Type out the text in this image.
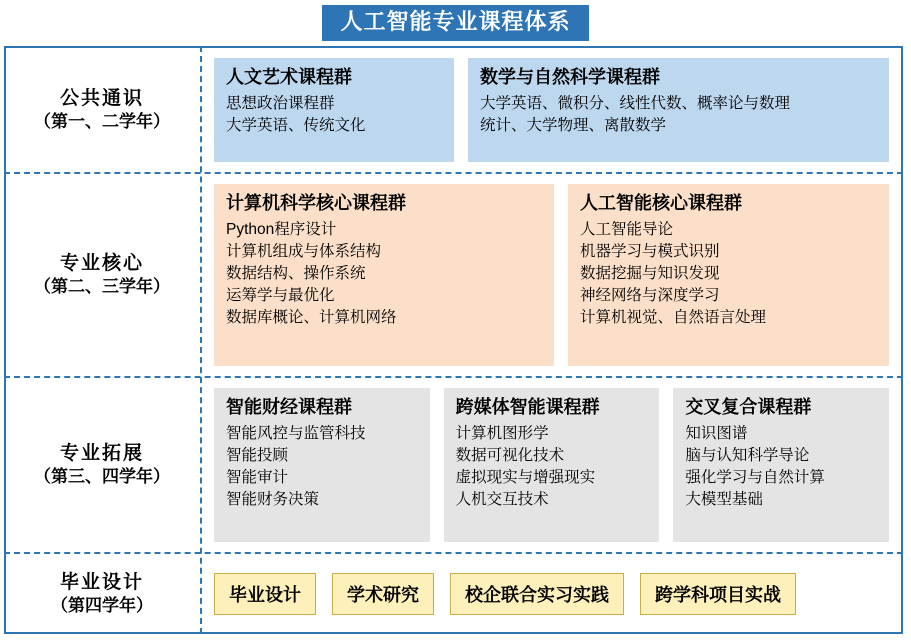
人工智能专业课程体系
公共通识
（第一、二学年）
人文艺术课程群
思想政治课程群
大学英语、传统文化
数学与自然科学课程群
大学英语、微积分、线性代数、概率论与数理
统计、大学物理、离散数学
专业核心
（第二、三学年）
计算机科学核心课程群
Python程序设计
计算机组成与体系结构
数据结构、操作系统
运筹学与最优化
数据库概论、计算机网络
人工智能核心课程群
人工智能导论
机器学习与模式识别
数据挖掘与知识发现
神经网络与深度学习
计算机视觉、自然语言处理
专业拓展
（第三、四学年）
智能财经课程群
智能风控与监管科技
智能投顾
智能审计
智能财务决策
跨媒体智能课程群
计算机图形学
数据可视化技术
虚拟现实与增强现实
人机交互技术
交叉复合课程群
知识图谱
脑与认知科学导论
强化学习与自然计算
大模型基础
毕业设计
（第四学年）
毕业设计	学术研究	校企联合实习实践	跨学科项目实战
